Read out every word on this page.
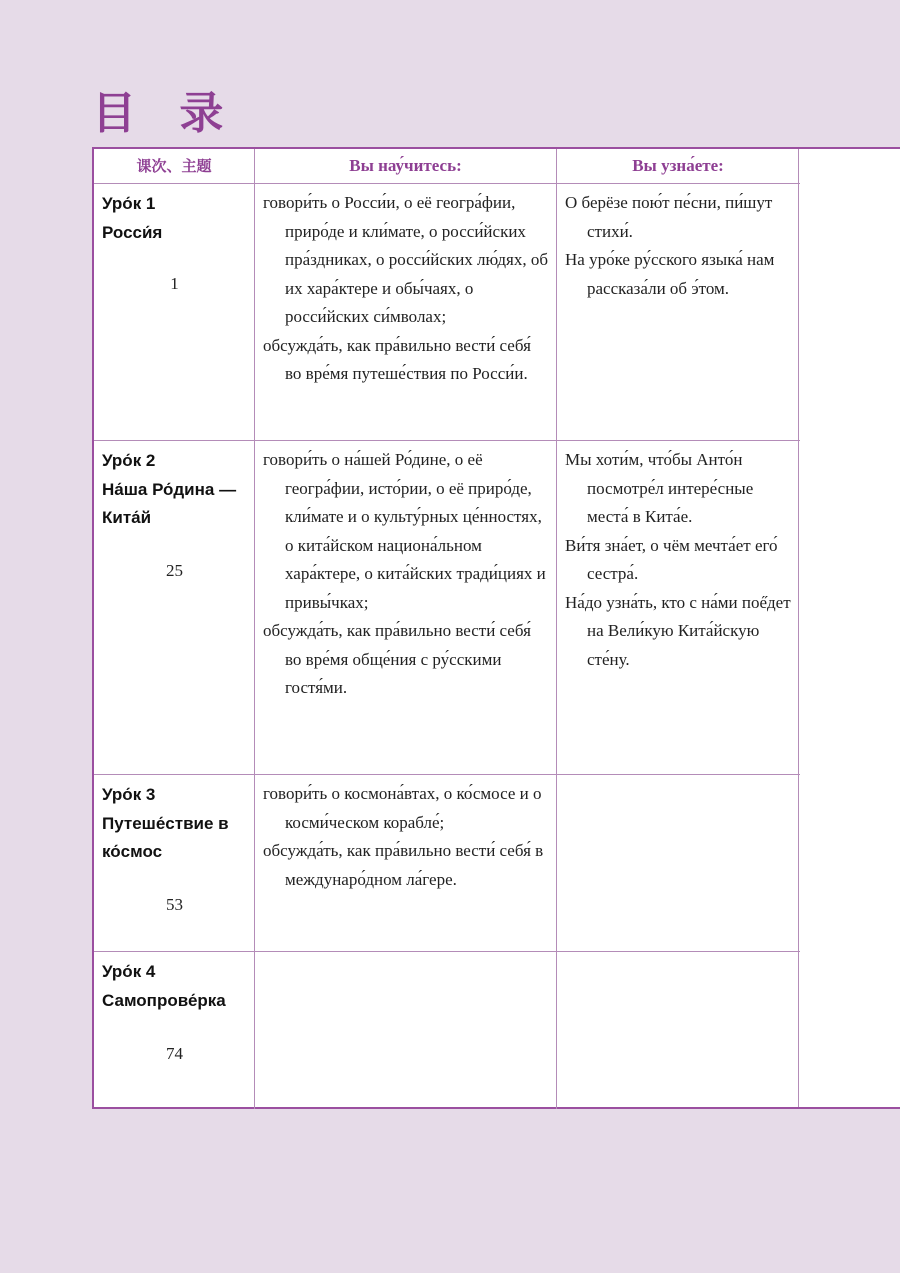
目 录
课次、主题	Вы нау́читесь:	Вы узна́ете:
Уро́к 1
Росси́я
1

говори́ть о Росси́и, о её геогра́фии, приро́де и кли́мате, о росси́йских пра́здниках, о росси́йских лю́дях, об их хара́ктере и обы́чаях, о росси́йских си́мволах;

обсужда́ть, как пра́вильно вести́ себя́ во вре́мя путеше́ствия по Росси́и.

О берёзе пою́т пе́сни, пи́шут стихи́.

На уро́ке ру́сского языка́ нам рассказа́ли об э́том.

Уро́к 2
На́ша Ро́дина — Кита́й
25

говори́ть о на́шей Ро́дине, о её геогра́фии, исто́рии, о её приро́де, кли́мате и о культу́рных це́нностях, о кита́йском национа́льном хара́ктере, о кита́йских тради́циях и привы́чках;

обсужда́ть, как пра́вильно вести́ себя́ во вре́мя обще́ния с ру́сскими гостя́ми.

Мы хоти́м, что́бы Анто́н посмотре́л интере́сные места́ в Кита́е.

Ви́тя зна́ет, о чём мечта́ет его́ сестра́.

На́до узна́ть, кто с на́ми поe̋дет на Вели́кую Кита́йскую сте́ну.

Уро́к 3
Путеше́ствие в ко́смос
53

говори́ть о космона́втах, о ко́смосе и о косми́ческом корабле́;

обсужда́ть, как пра́вильно вести́ себя́ в междунаро́дном ла́гере.

Уро́к 4
Самопрове́рка
74
